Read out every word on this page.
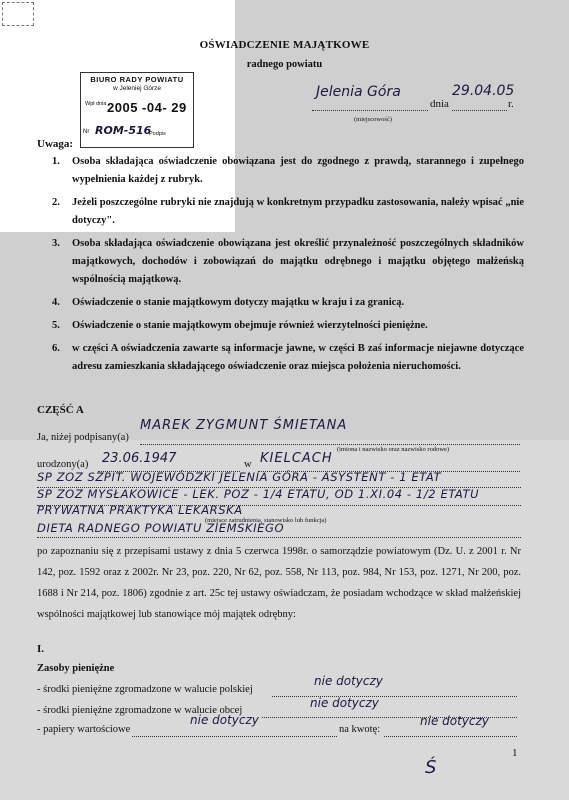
OŚWIADCZENIE MAJĄTKOWE
radnego powiatu
BIURO RADY POWIATU
w Jeleniej Górze
Wpł dnia 2005 -04- 29
Nr ROM-516
Podpis
Jelenia Góra
dnia
29.04.05
r.
(miejscowość)
Uwaga:
1. Osoba składająca oświadczenie obowiązana jest do zgodnego z prawdą, starannego i zupełnego wypełnienia każdej z rubryk.
2. Jeżeli poszczególne rubryki nie znajdują w konkretnym przypadku zastosowania, należy wpisać „nie dotyczy".
3. Osoba składająca oświadczenie obowiązana jest określić przynależność poszczególnych składników majątkowych, dochodów i zobowiązań do majątku odrębnego i majątku objętego małżeńską wspólnością majątkową.
4. Oświadczenie o stanie majątkowym dotyczy majątku w kraju i za granicą.
5. Oświadczenie o stanie majątkowym obejmuje również wierzytelności pieniężne.
6. w części A oświadczenia zawarte są informacje jawne, w części B zaś informacje niejawne dotyczące adresu zamieszkania składającego oświadczenie oraz miejsca położenia nieruchomości.
CZĘŚĆ A
Ja, niżej podpisany(a)
MAREK ZYGMUNT ŚMIETANA
(imiona i nazwisko oraz nazwisko rodowe)
urodzony(a) 23.06.1947	w KIELCACH
SP ZOZ SZPIT. WOJEWÓDZKI JELENIA GÓRA - ASYSTENT - 1 ETAT
SP ZOZ MYSŁAKOWICE - LEK. POZ - 1/4 ETATU, OD 1.XI.04 - 1/2 ETATU
PRYWATNA PRAKTYKA LEKARSKA
(miejsce zatrudnienia, stanowisko lub funkcja)
DIETA RADNEGO POWIATU ZIEMSKIEGO
po zapoznaniu się z przepisami ustawy z dnia 5 czerwca 1998r. o samorządzie powiatowym (Dz. U. z 2001 r. Nr 142, poz. 1592 oraz z 2002r. Nr 23, poz. 220, Nr 62, poz. 558, Nr 113, poz. 984, Nr 153, poz. 1271, Nr 200, poz. 1688 i Nr 214, poz. 1806) zgodnie z art. 25c tej ustawy oświadczam, że posiadam wchodzące w skład małżeńskiej wspólności majątkowej lub stanowiące mój majątek odrębny:
I.
Zasoby pieniężne
- środki pieniężne zgromadzone w walucie polskiej
nie dotyczy
- środki pieniężne zgromadzone w walucie obcej
nie dotyczy
- papiery wartościowe
nie dotyczy
na kwotę:
nie dotyczy
1
Ś
